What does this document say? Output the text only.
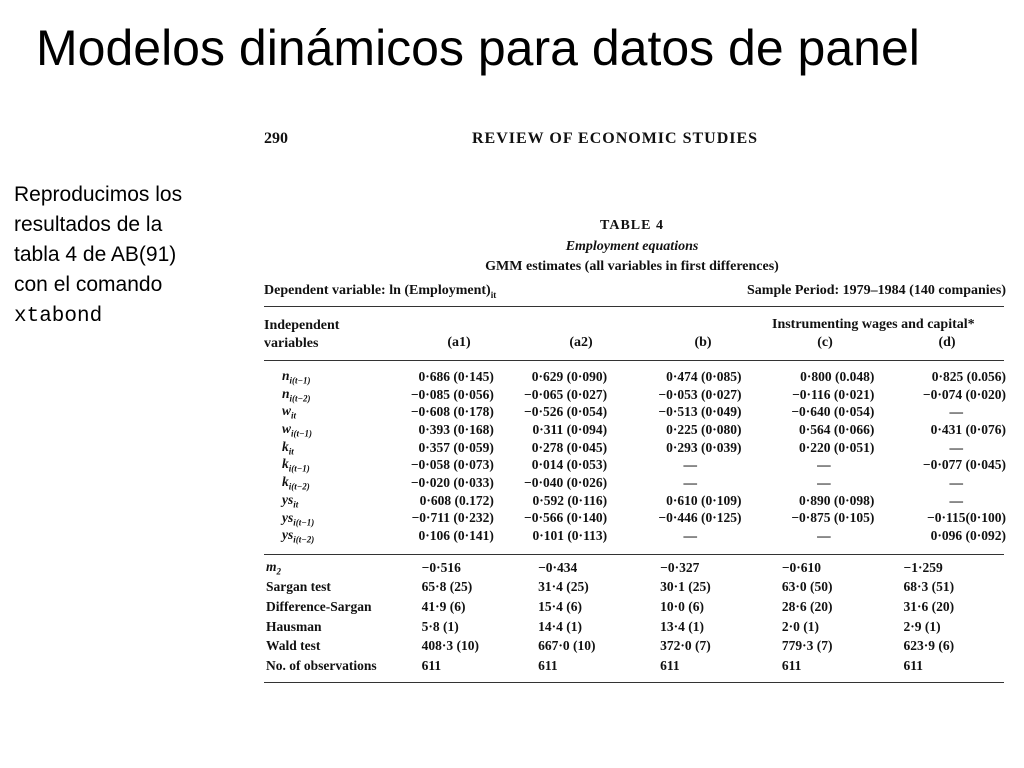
Modelos dinámicos para datos de panel
Reproducimos los resultados de la tabla 4 de AB(91) con el comando
xtabond
290	REVIEW OF ECONOMIC STUDIES
TABLE 4
Employment equations
GMM estimates (all variables in first differences)
Dependent variable: $\ln (Employment)_{it}$	Sample Period: 1979–1984 (140 companies)
Independent
variables
Instrumenting wages and capital*
(a1)	(a2)	(b)	(c)	(d)
$n_{i(t-1)}$	0·686 (0·145)	0·629 (0·090)	0·474 (0·085)	0·800 (0.048)	0·825 (0.056)
$n_{i(t-2)}$	−0·085 (0·056)	−0·065 (0·027)	−0·053 (0·027)	−0·116 (0·021)	−0·074 (0·020)
$w_{it}$	−0·608 (0·178)	−0·526 (0·054)	−0·513 (0·049)	−0·640 (0·054)	—
$w_{i(t-1)}$	0·393 (0·168)	0·311 (0·094)	0·225 (0·080)	0·564 (0·066)	0·431 (0·076)
$k_{it}$	0·357 (0·059)	0·278 (0·045)	0·293 (0·039)	0·220 (0·051)	—
$k_{i(t-1)}$	−0·058 (0·073)	0·014 (0·053)	—	—	−0·077 (0·045)
$k_{i(t-2)}$	−0·020 (0·033)	−0·040 (0·026)	—	—	—
$ys_{it}$	0·608 (0.172)	0·592 (0·116)	0·610 (0·109)	0·890 (0·098)	—
$ys_{i(t-1)}$	−0·711 (0·232)	−0·566 (0·140)	−0·446 (0·125)	−0·875 (0·105)	−0·115(0·100)
$ys_{i(t-2)}$	0·106 (0·141)	0·101 (0·113)	—	—	0·096 (0·092)
$m_2$	−0·516	−0·434	−0·327	−0·610	−1·259
Sargan test	65·8 (25)	31·4 (25)	30·1 (25)	63·0 (50)	68·3 (51)
Difference-Sargan	41·9 (6)	15·4 (6)	10·0 (6)	28·6 (20)	31·6 (20)
Hausman	5·8 (1)	14·4 (1)	13·4 (1)	2·0 (1)	2·9 (1)
Wald test	408·3 (10)	667·0 (10)	372·0 (7)	779·3 (7)	623·9 (6)
No. of observations	611	611	611	611	611
